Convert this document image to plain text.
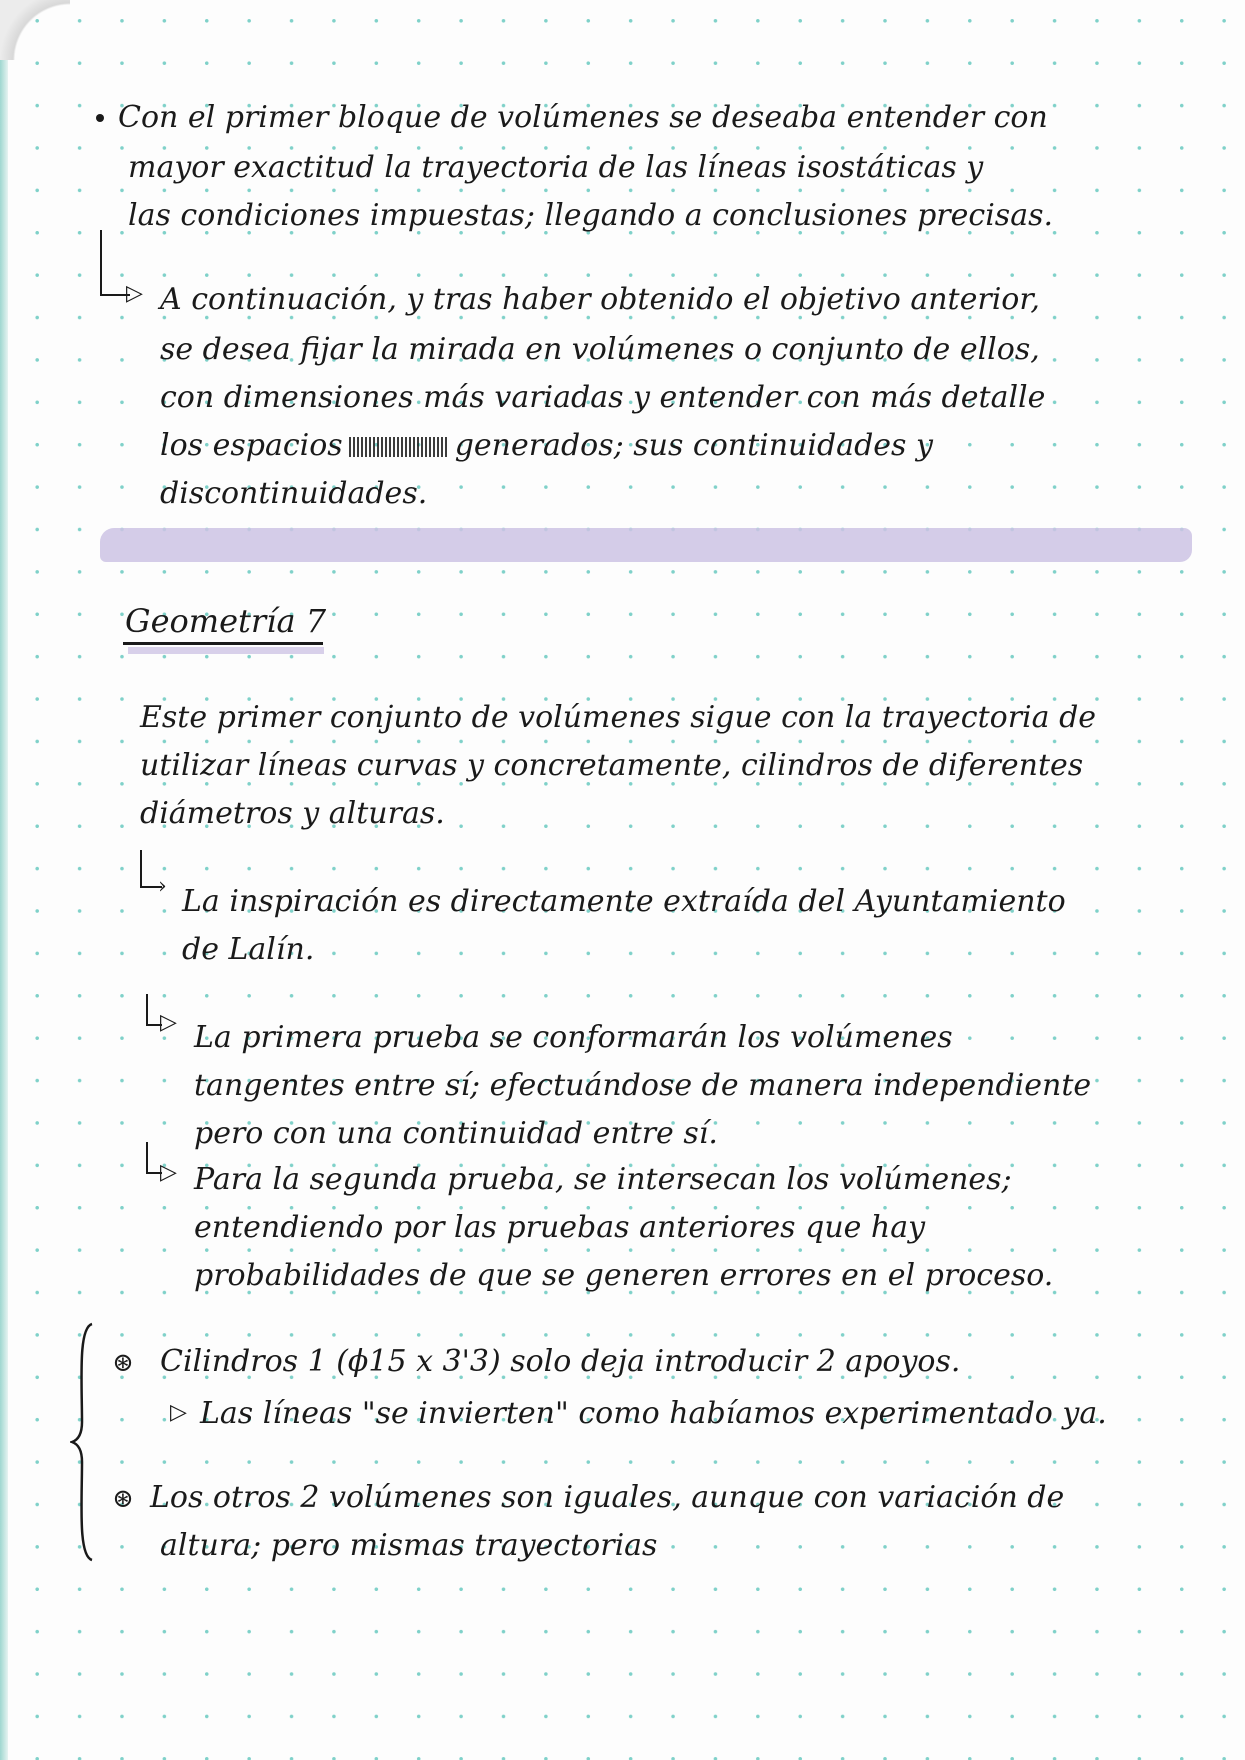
Con el primer bloque de volúmenes se deseaba entender con

mayor exactitud la trayectoria de las líneas isostáticas y

las condiciones impuestas; llegando a conclusiones precisas.

▷ A continuación, y tras haber obtenido el objetivo anterior,

se desea fijar la mirada en volúmenes o conjunto de ellos,

con dimensiones más variadas y entender con más detalle

los espacios	generados; sus continuidades y

discontinuidades.

Geometría 7

Este primer conjunto de volúmenes sigue con la trayectoria de

utilizar líneas curvas y concretamente, cilindros de diferentes

diámetros y alturas.

› La inspiración es directamente extraída del Ayuntamiento

de Lalín.

▷ La primera prueba se conformarán los volúmenes

tangentes entre sí; efectuándose de manera independiente

pero con una continuidad entre sí.

▷ Para la segunda prueba, se intersecan los volúmenes;

entendiendo por las pruebas anteriores que hay

probabilidades de que se generen errores en el proceso.

⊛ Cilindros 1 (ϕ15 x 3'3) solo deja introducir 2 apoyos.

▷ Las líneas "se invierten" como habíamos experimentado ya.

⊛ Los otros 2 volúmenes son iguales, aunque con variación de

altura; pero mismas trayectorias
